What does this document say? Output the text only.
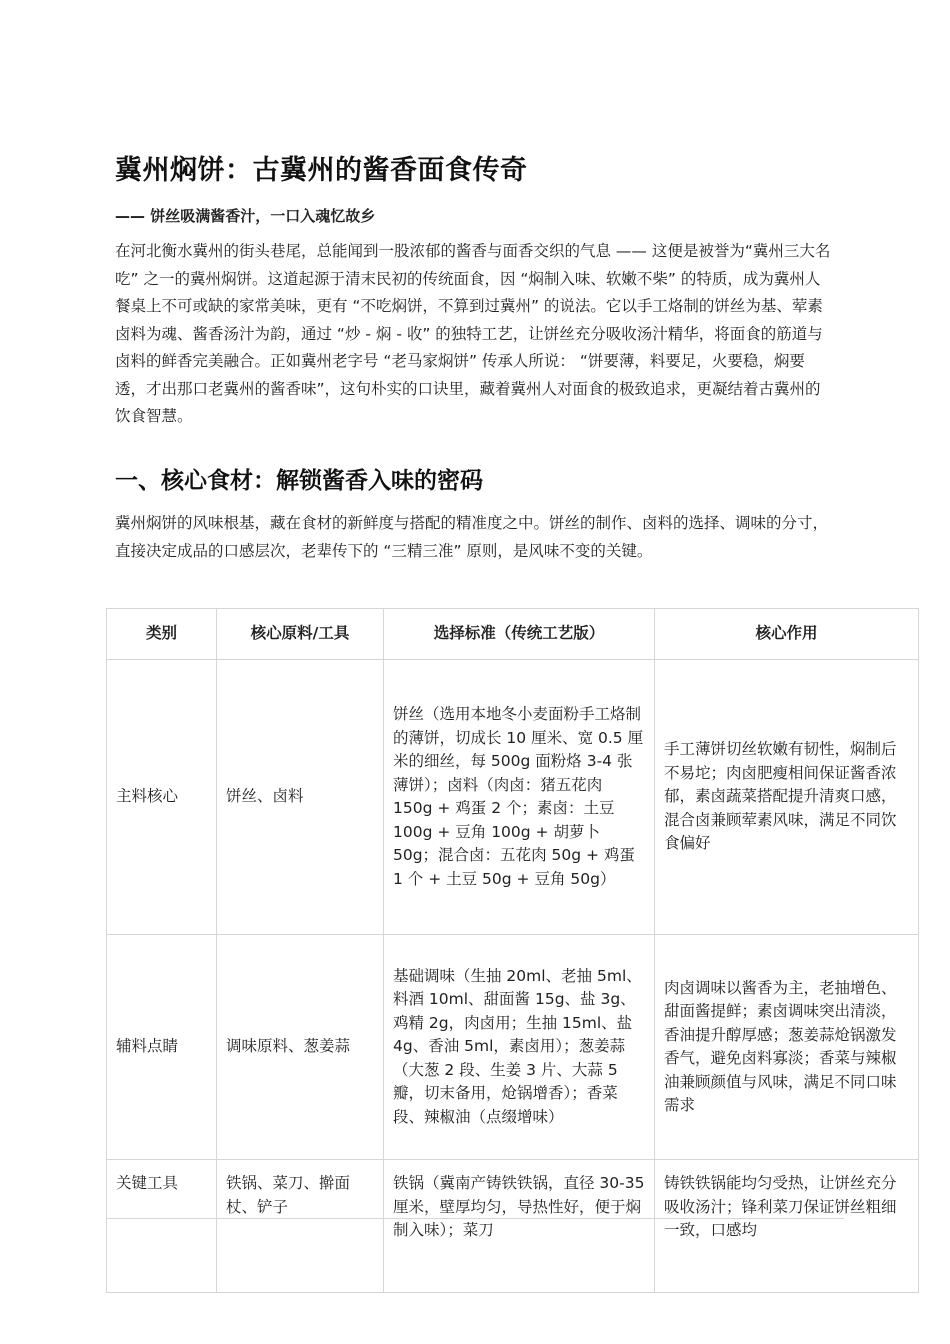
冀州焖饼：古冀州的酱香面食传奇

—— 饼丝吸满酱香汁，一口入魂忆故乡

在河北衡水冀州的街头巷尾，总能闻到一股浓郁的酱香与面香交织的气息 —— 这便是被誉为“冀州三大名吃” 之一的冀州焖饼。这道起源于清末民初的传统面食，因 “焖制入味、软嫩不柴” 的特质，成为冀州人餐桌上不可或缺的家常美味，更有 “不吃焖饼，不算到过冀州” 的说法。它以手工烙制的饼丝为基、荤素卤料为魂、酱香汤汁为韵，通过 “炒 - 焖 - 收” 的独特工艺，让饼丝充分吸收汤汁精华，将面食的筋道与卤料的鲜香完美融合。正如冀州老字号 “老马家焖饼” 传承人所说： “饼要薄，料要足，火要稳，焖要透，才出那口老冀州的酱香味”，这句朴实的口诀里，藏着冀州人对面食的极致追求，更凝结着古冀州的饮食智慧。

一、核心食材：解锁酱香入味的密码

冀州焖饼的风味根基，藏在食材的新鲜度与搭配的精准度之中。饼丝的制作、卤料的选择、调味的分寸，直接决定成品的口感层次，老辈传下的 “三精三准” 原则，是风味不变的关键。

类别	核心原料/工具	选择标准（传统工艺版）	核心作用
主料核心	饼丝、卤料	饼丝（选用本地冬小麦面粉手工烙制的薄饼，切成长 10 厘米、宽 0.5 厘米的细丝，每 500g 面粉烙 3-4 张薄饼）；卤料（肉卤：猪五花肉 150g + 鸡蛋 2 个；素卤：土豆 100g + 豆角 100g + 胡萝卜 50g；混合卤：五花肉 50g + 鸡蛋 1 个 + 土豆 50g + 豆角 50g）	手工薄饼切丝软嫩有韧性，焖制后不易坨；肉卤肥瘦相间保证酱香浓郁，素卤蔬菜搭配提升清爽口感，混合卤兼顾荤素风味，满足不同饮食偏好
辅料点睛	调味原料、葱姜蒜	基础调味（生抽 20ml、老抽 5ml、料酒 10ml、甜面酱 15g、盐 3g、鸡精 2g，肉卤用；生抽 15ml、盐 4g、香油 5ml，素卤用）；葱姜蒜（大葱 2 段、生姜 3 片、大蒜 5 瓣，切末备用，炝锅增香）；香菜段、辣椒油（点缀增味）	肉卤调味以酱香为主，老抽增色、甜面酱提鲜；素卤调味突出清淡，香油提升醇厚感；葱姜蒜炝锅激发香气，避免卤料寡淡；香菜与辣椒油兼顾颜值与风味，满足不同口味需求
关键工具	铁锅、菜刀、擀面杖、铲子	铁锅（冀南产铸铁铁锅，直径 30-35 厘米，壁厚均匀，导热性好，便于焖制入味）；菜刀	铸铁铁锅能均匀受热，让饼丝充分吸收汤汁；锋利菜刀保证饼丝粗细一致，口感均
